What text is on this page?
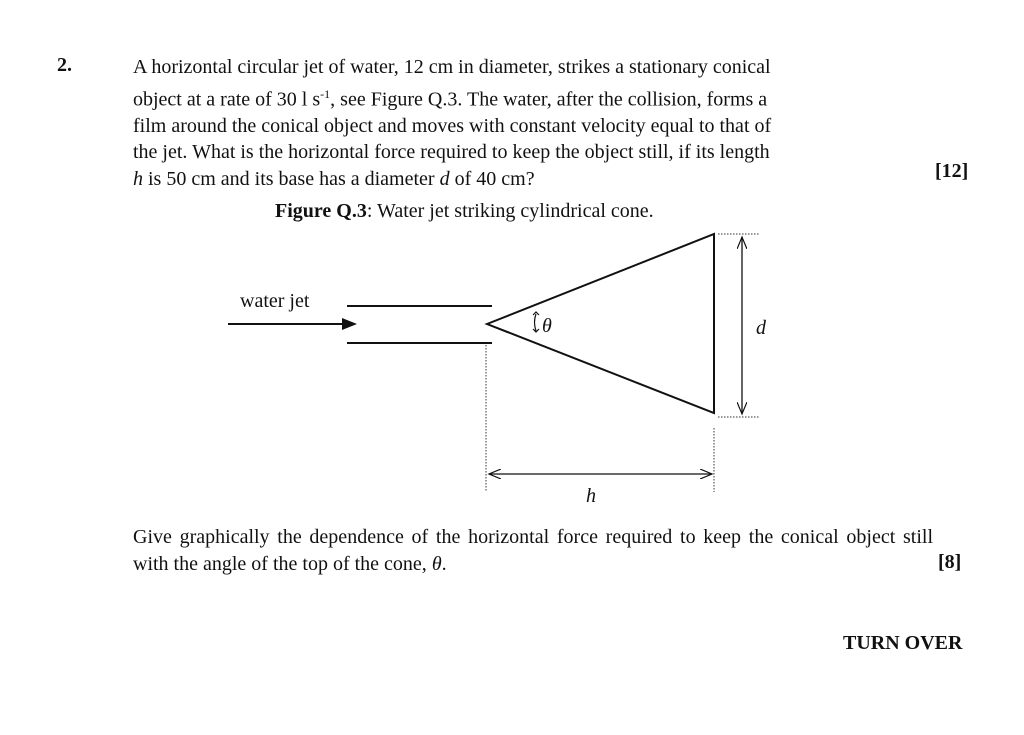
2.	A horizontal circular jet of water, 12 cm in diameter, strikes a stationary conical

object at a rate of 30 l $s^{-1}$, see Figure Q.3. The water, after the collision, forms a

film around the conical object and moves with constant velocity equal to that of

the jet. What is the horizontal force required to keep the object still, if its length

h is 50 cm and its base has a diameter d of 40 cm?	[12]
Figure Q.3: Water jet striking cylindrical cone.
water jet
θ	d
h
Give graphically the dependence of the horizontal force required to keep the conical object still with the angle of the top of the cone, θ.	[8]
TURN OVER
